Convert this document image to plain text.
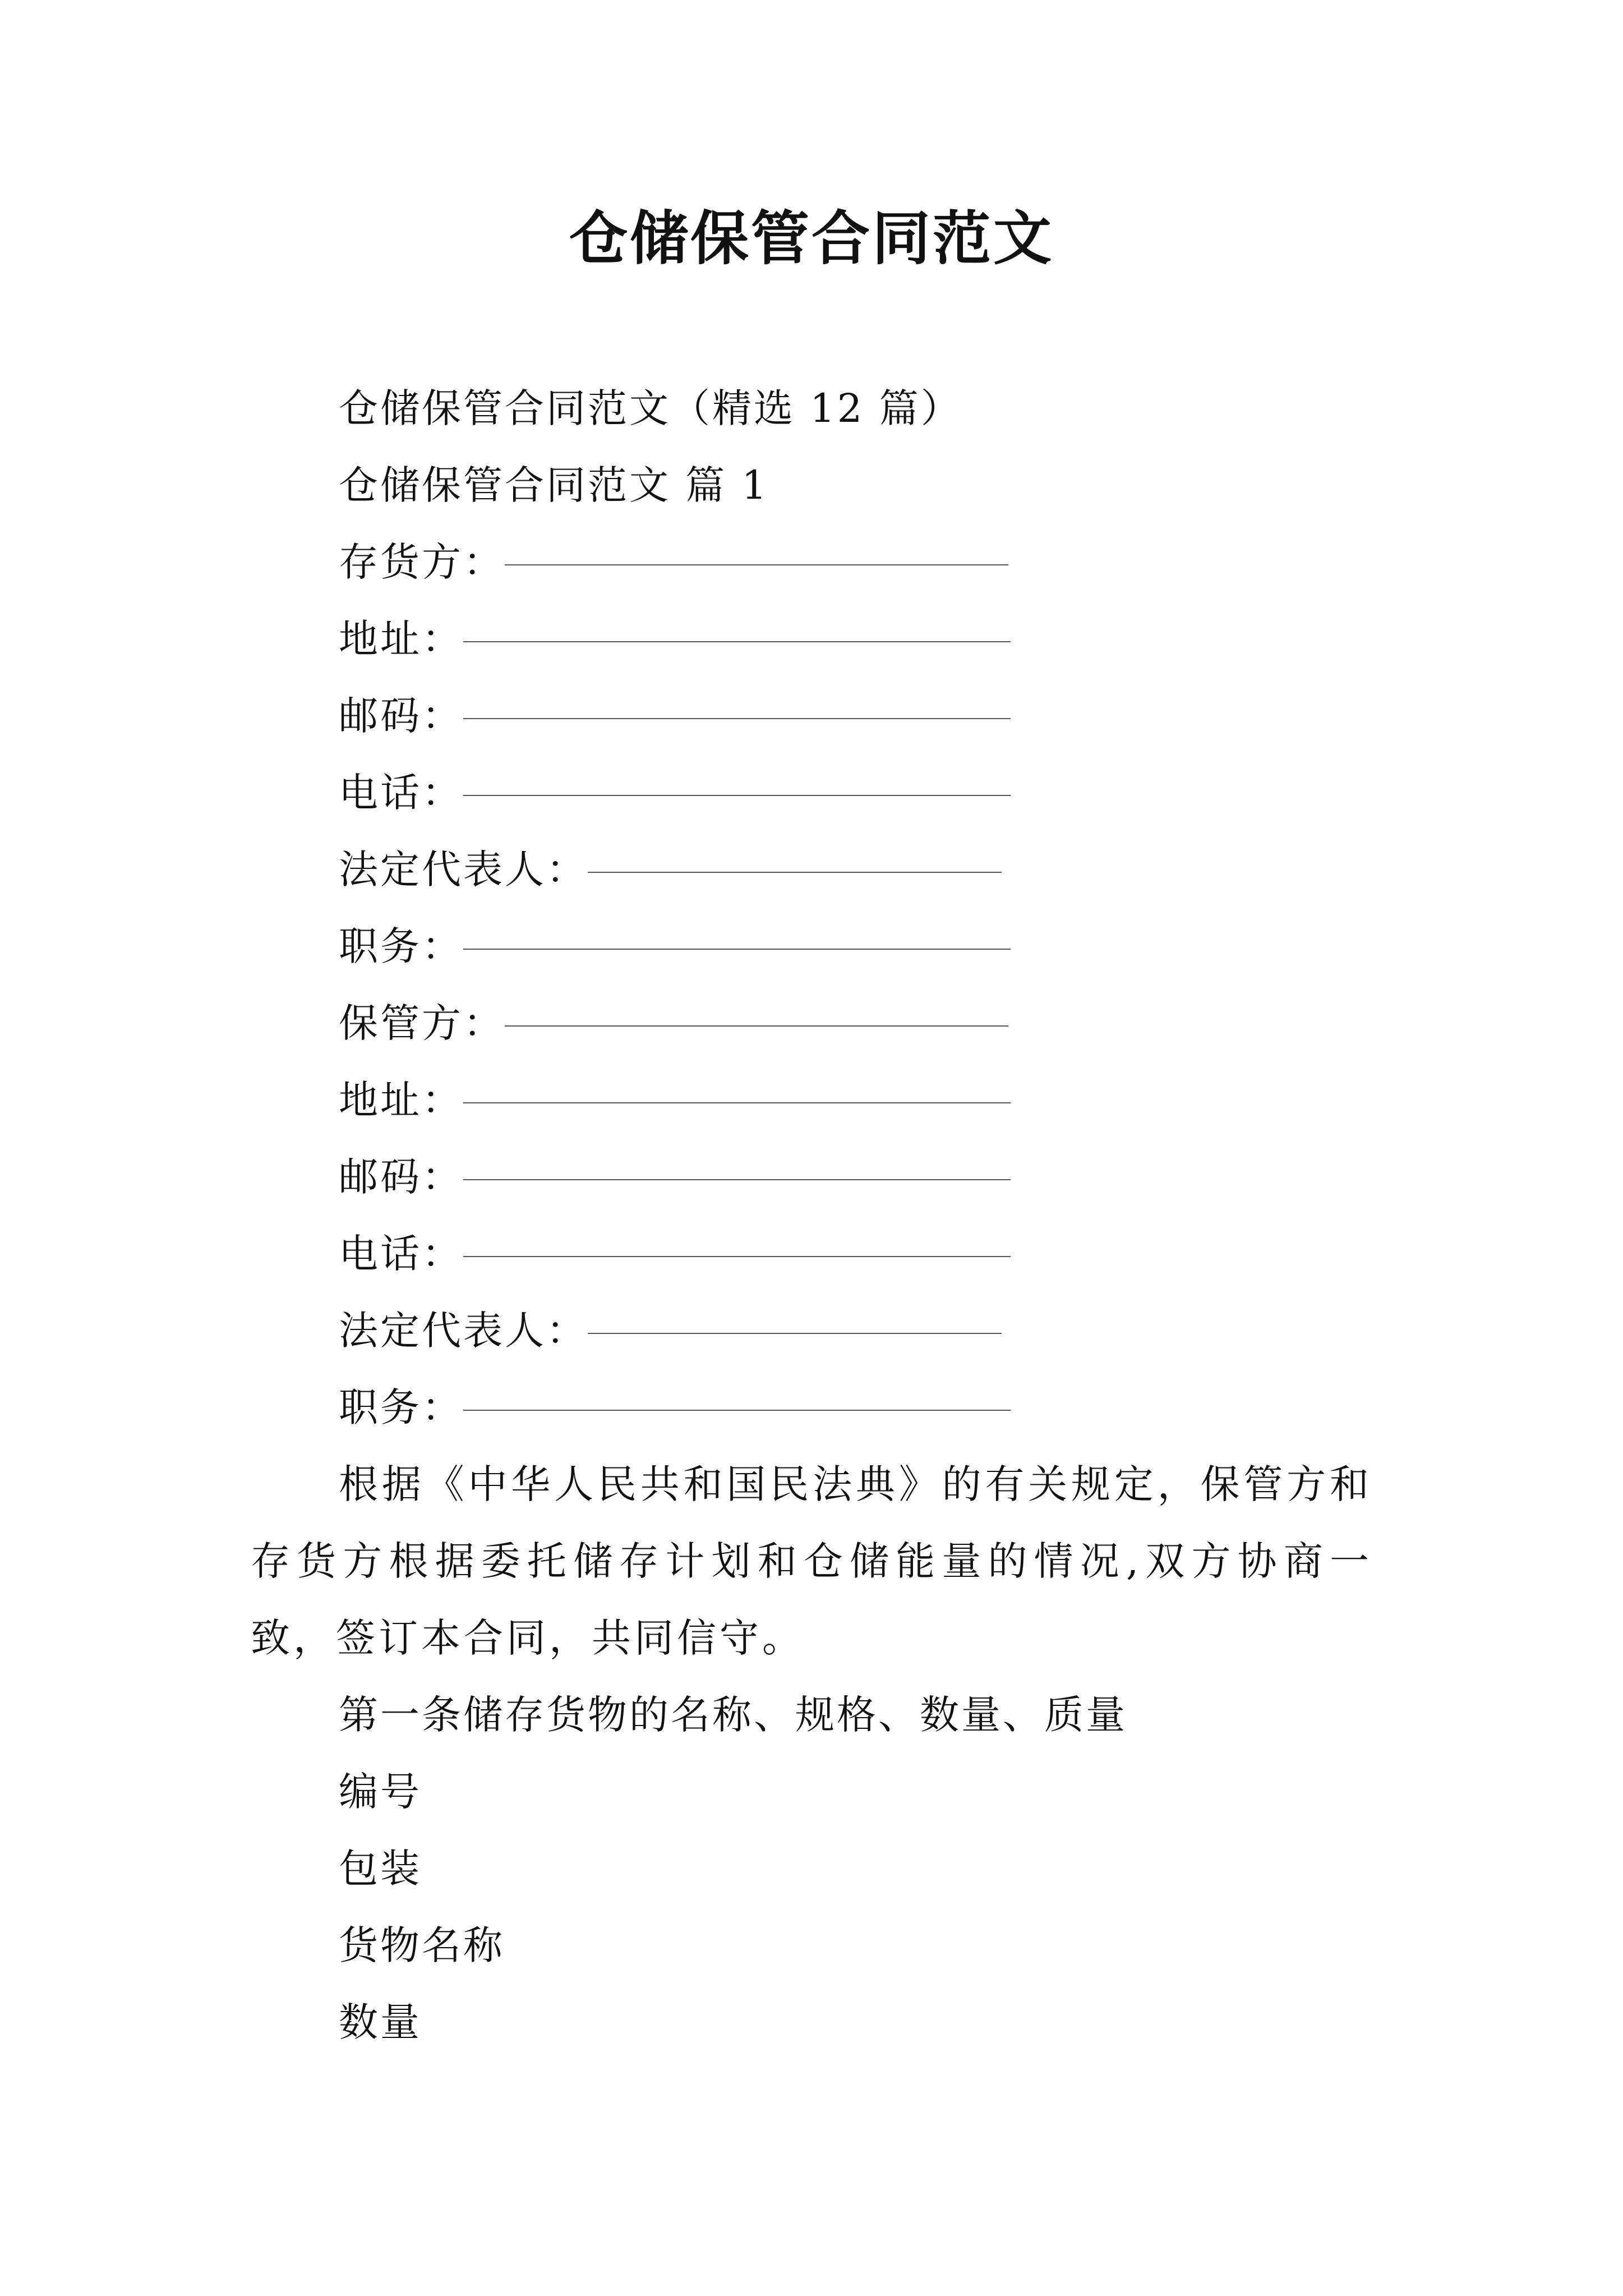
仓储保管合同范文
仓储保管合同范文（精选 12 篇）
仓储保管合同范文 篇 1
存货方：
地址：
邮码：
电话：
法定代表人：
职务：
保管方：
地址：
邮码：
电话：
法定代表人：
职务：
根据《中华人民共和国民法典》的有关规定，保管方和存货方根据委托储存计划和仓储能量的情况,双方协商一致，签订本合同，共同信守。
第一条储存货物的名称、规格、数量、质量
编号
包装
货物名称
数量
